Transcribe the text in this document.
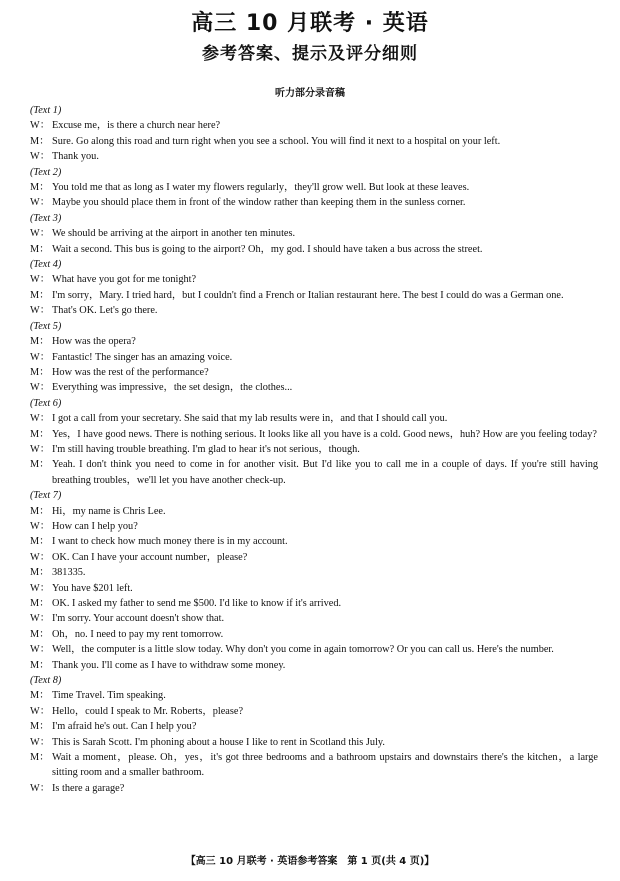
高三 10 月联考 · 英语
参考答案、提示及评分细则
听力部分录音稿
(Text 1)
W： Excuse me，is there a church near here?
M： Sure. Go along this road and turn right when you see a school. You will find it next to a hospital on your left.
W： Thank you.
(Text 2)
M： You told me that as long as I water my flowers regularly，they'll grow well. But look at these leaves.
W： Maybe you should place them in front of the window rather than keeping them in the sunless corner.
(Text 3)
W： We should be arriving at the airport in another ten minutes.
M： Wait a second. This bus is going to the airport? Oh，my god. I should have taken a bus across the street.
(Text 4)
W： What have you got for me tonight?
M： I'm sorry，Mary. I tried hard，but I couldn't find a French or Italian restaurant here. The best I could do was a German one.
W： That's OK. Let's go there.
(Text 5)
M： How was the opera?
W： Fantastic! The singer has an amazing voice.
M： How was the rest of the performance?
W： Everything was impressive，the set design，the clothes...
(Text 6)
W： I got a call from your secretary. She said that my lab results were in，and that I should call you.
M： Yes，I have good news. There is nothing serious. It looks like all you have is a cold. Good news，huh? How are you feeling today?
W： I'm still having trouble breathing. I'm glad to hear it's not serious，though.
M： Yeah. I don't think you need to come in for another visit. But I'd like you to call me in a couple of days. If you're still having breathing troubles，we'll let you have another check-up.
(Text 7)
M： Hi，my name is Chris Lee.
W： How can I help you?
M： I want to check how much money there is in my account.
W： OK. Can I have your account number，please?
M： 381335.
W： You have $201 left.
M： OK. I asked my father to send me $500. I'd like to know if it's arrived.
W： I'm sorry. Your account doesn't show that.
M： Oh，no. I need to pay my rent tomorrow.
W： Well，the computer is a little slow today. Why don't you come in again tomorrow? Or you can call us. Here's the number.
M： Thank you. I'll come as I have to withdraw some money.
(Text 8)
M： Time Travel. Tim speaking.
W： Hello，could I speak to Mr. Roberts，please?
M： I'm afraid he's out. Can I help you?
W： This is Sarah Scott. I'm phoning about a house I like to rent in Scotland this July.
M： Wait a moment，please. Oh，yes，it's got three bedrooms and a bathroom upstairs and downstairs there's the kitchen，a large sitting room and a smaller bathroom.
W： Is there a garage?
【高三 10 月联考 · 英语参考答案　第 1 页(共 4 页)】
